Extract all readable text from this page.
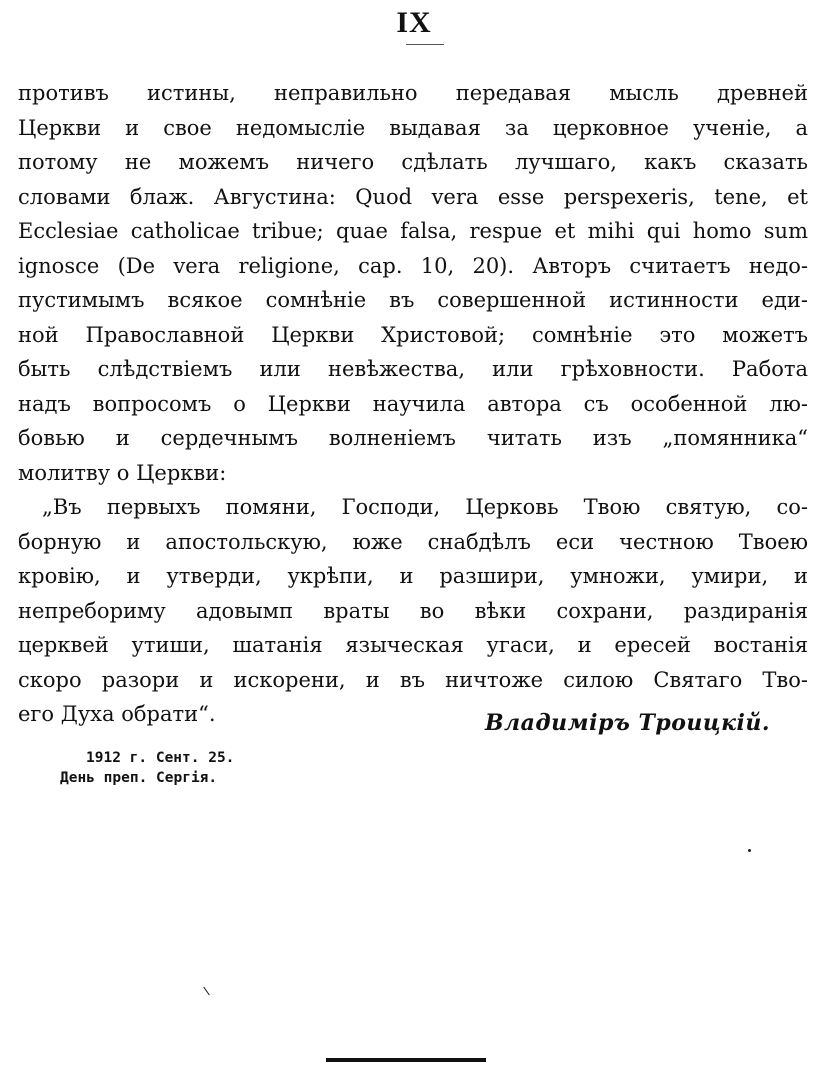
IX
противъ истины, неправильно передавая мысль древней
Церкви и свое недомыслiе выдавая за церковное ученiе, а
потому не можемъ ничего сдѣлать лучшаго, какъ сказать
словами блаж. Августина: Quod vera esse perspexeris, tene, et
Ecclesiae catholicae tribue; quae falsa, respue et mihi qui homo sum
ignosce (De vera religione, cap. 10, 20). Авторъ считаетъ недо-
пустимымъ всякое сомнѣнiе въ совершенной истинности еди-
ной Православной Церкви Христовой; сомнѣнiе это можетъ
быть слѣдствiемъ или невѣжества, или грѣховности. Работа
надъ вопросомъ о Церкви научила автора съ особенной лю-
бовью и сердечнымъ волненiемъ читать изъ „помянника“
молитву о Церкви:
„Въ первыхъ помяни, Господи, Церковь Твою святую, со-
борную и апостольскую, юже снабдѣлъ еси честною Твоею
кровiю, и утверди, укрѣпи, и разшири, умножи, умири, и
непребориму адовымп враты во вѣки сохрани, раздиранiя
церквей утиши, шатанiя языческая угаси, и ересей востанiя
скоро разори и искорени, и въ ничтоже силою Святаго Тво-
его Духа обрати“.	Владимiръ Троицкiй.

1912 г. Сент. 25.
День преп. Сергiя.
